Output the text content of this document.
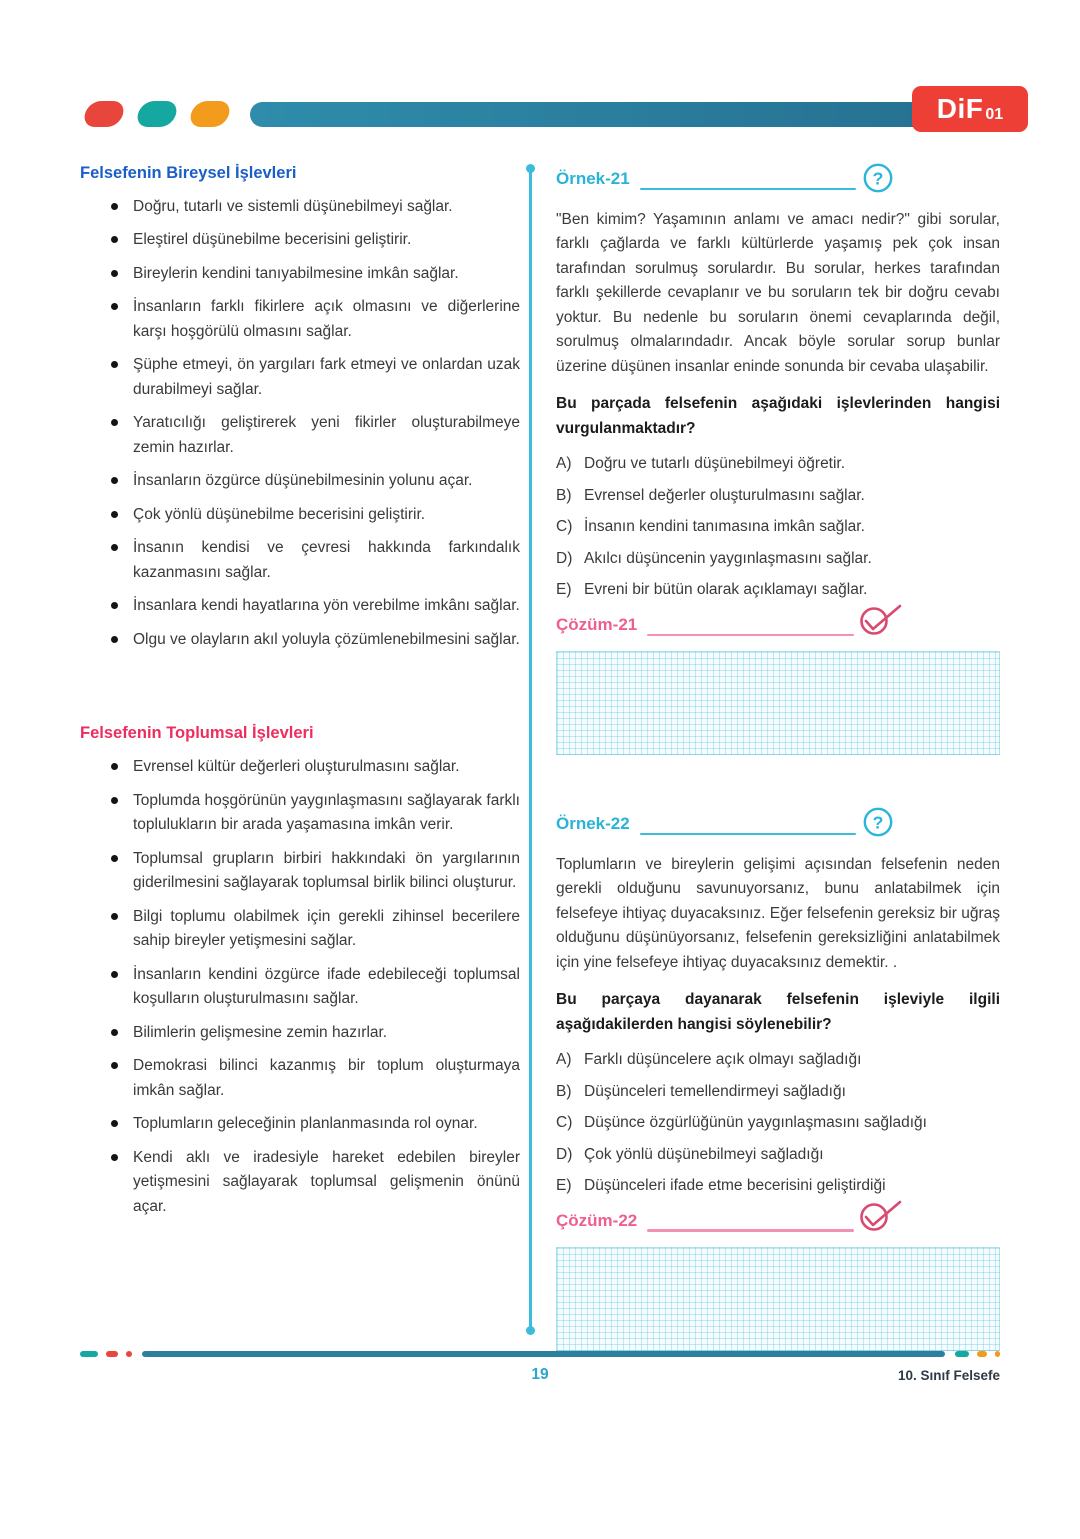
DiF 01
Felsefenin Bireysel İşlevleri
Doğru, tutarlı ve sistemli düşünebilmeyi sağlar.
Eleştirel düşünebilme becerisini geliştirir.
Bireylerin kendini tanıyabilmesine imkân sağlar.
İnsanların farklı fikirlere açık olmasını ve diğerlerine karşı hoşgörülü olmasını sağlar.
Şüphe etmeyi, ön yargıları fark etmeyi ve onlardan uzak durabilmeyi sağlar.
Yaratıcılığı geliştirerek yeni fikirler oluşturabilmeye zemin hazırlar.
İnsanların özgürce düşünebilmesinin yolunu açar.
Çok yönlü düşünebilme becerisini geliştirir.
İnsanın kendisi ve çevresi hakkında farkındalık kazanmasını sağlar.
İnsanlara kendi hayatlarına yön verebilme imkânı sağlar.
Olgu ve olayların akıl yoluyla çözümlenebilmesini sağlar.
Felsefenin Toplumsal İşlevleri
Evrensel kültür değerleri oluşturulmasını sağlar.
Toplumda hoşgörünün yaygınlaşmasını sağlayarak farklı toplulukların bir arada yaşamasına imkân verir.
Toplumsal grupların birbiri hakkındaki ön yargılarının giderilmesini sağlayarak toplumsal birlik bilinci oluşturur.
Bilgi toplumu olabilmek için gerekli zihinsel becerilere sahip bireyler yetişmesini sağlar.
İnsanların kendini özgürce ifade edebileceği toplumsal koşulların oluşturulmasını sağlar.
Bilimlerin gelişmesine zemin hazırlar.
Demokrasi bilinci kazanmış bir toplum oluşturmaya imkân sağlar.
Toplumların geleceğinin planlanmasında rol oynar.
Kendi aklı ve iradesiyle hareket edebilen bireyler yetişmesini sağlayarak toplumsal gelişmenin önünü açar.
Örnek-21	?

"Ben kimim? Yaşamının anlamı ve amacı nedir?" gibi sorular, farklı çağlarda ve farklı kültürlerde yaşamış pek çok insan tarafından sorulmuş sorulardır. Bu sorular, herkes tarafından farklı şekillerde cevaplanır ve bu soruların tek bir doğru cevabı yoktur. Bu nedenle bu soruların önemi cevaplarında değil, sorulmuş olmalarındadır. Ancak böyle sorular sorup bunlar üzerine düşünen insanlar eninde sonunda bir cevaba ulaşabilir.

Bu parçada felsefenin aşağıdaki işlevlerinden hangisi vurgulanmaktadır?

A) Doğru ve tutarlı düşünebilmeyi öğretir.
B) Evrensel değerler oluşturulmasını sağlar.
C) İnsanın kendini tanımasına imkân sağlar.
D) Akılcı düşüncenin yaygınlaşmasını sağlar.
E) Evreni bir bütün olarak açıklamayı sağlar.
Çözüm-21
Örnek-22	?

Toplumların ve bireylerin gelişimi açısından felsefenin neden gerekli olduğunu savunuyorsanız, bunu anlatabilmek için felsefeye ihtiyaç duyacaksınız. Eğer felsefenin gereksiz bir uğraş olduğunu düşünüyorsanız, felsefenin gereksizliğini anlatabilmek için yine felsefeye ihtiyaç duyacaksınız demektir. .

Bu parçaya dayanarak felsefenin işleviyle ilgili aşağıdakilerden hangisi söylenebilir?

A) Farklı düşüncelere açık olmayı sağladığı
B) Düşünceleri temellendirmeyi sağladığı
C) Düşünce özgürlüğünün yaygınlaşmasını sağladığı
D) Çok yönlü düşünebilmeyi sağladığı
E) Düşünceleri ifade etme becerisini geliştirdiği
Çözüm-22
19	10. Sınıf Felsefe
